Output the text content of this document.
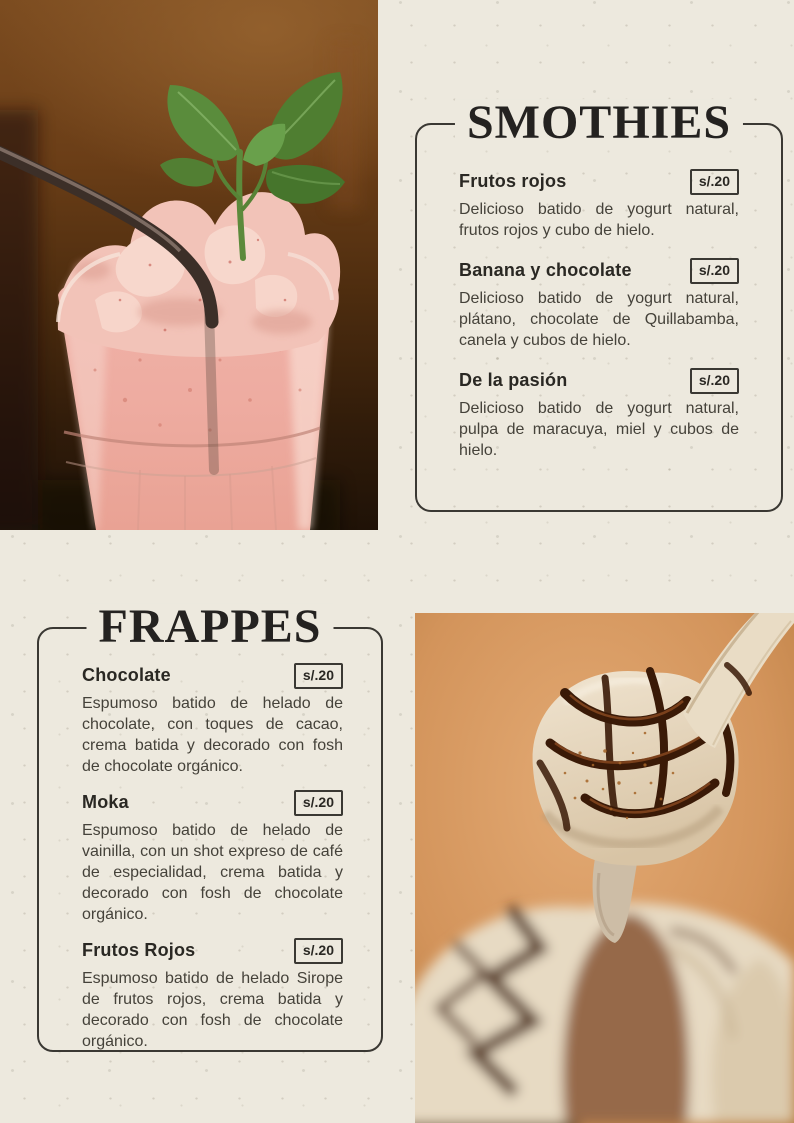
SMOTHIES
Frutos rojos	s/.20

Delicioso batido de yogurt natural, frutos rojos y cubo de hielo.

Banana y chocolate	s/.20

Delicioso batido de yogurt natural, plátano, chocolate de Quillabamba, canela y cubos de hielo.

De la pasión	s/.20

Delicioso batido de yogurt natural, pulpa de maracuya, miel y cubos de hielo.

FRAPPES
Chocolate	s/.20

Espumoso batido de helado de chocolate, con toques de cacao, crema batida y decorado con fosh de chocolate orgánico.

Moka	s/.20

Espumoso batido de helado de vainilla, con un shot expreso de café de especialidad, crema batida y decorado con fosh de chocolate orgánico.

Frutos Rojos	s/.20

Espumoso batido de helado Sirope de frutos rojos, crema batida y decorado con fosh de chocolate orgánico.
